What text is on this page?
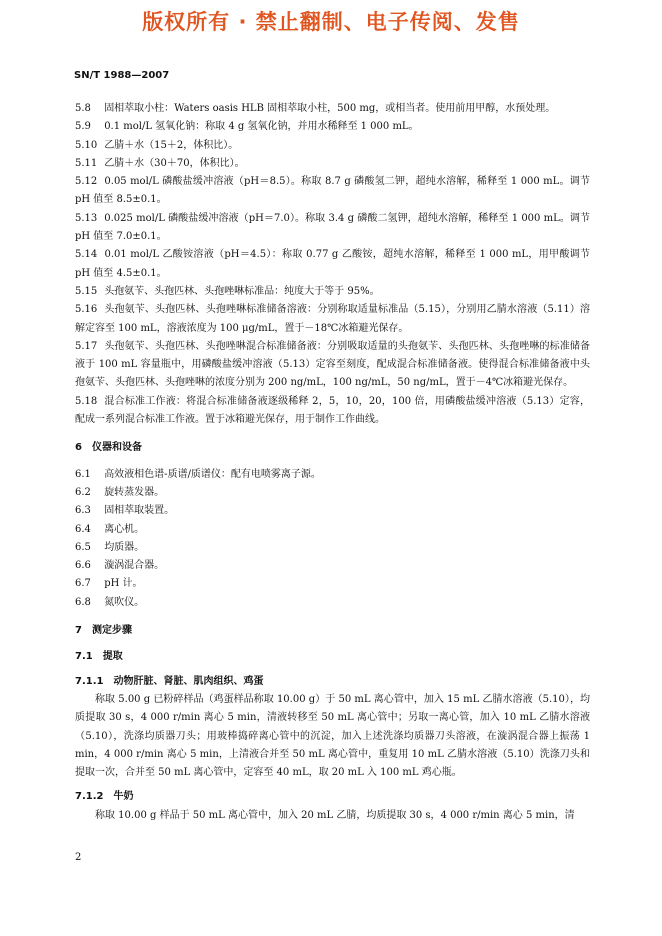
版权所有 · 禁止翻制、电子传阅、发售
SN/T 1988—2007

5.8 固相萃取小柱：Waters oasis HLB 固相萃取小柱，500 mg，或相当者。使用前用甲醇，水预处理。

5.9 0.1 mol/L 氢氧化钠：称取 4 g 氢氧化钠，并用水稀释至 1 000 mL。

5.10 乙腈＋水（15＋2，体积比）。

5.11 乙腈＋水（30＋70，体积比）。

5.12 0.05 mol/L 磷酸盐缓冲溶液（pH＝8.5）。称取 8.7 g 磷酸氢二钾，超纯水溶解，稀释至 1 000 mL。调节 pH 值至 8.5±0.1。

5.13 0.025 mol/L 磷酸盐缓冲溶液（pH＝7.0）。称取 3.4 g 磷酸二氢钾，超纯水溶解，稀释至 1 000 mL。调节 pH 值至 7.0±0.1。

5.14 0.01 mol/L 乙酸铵溶液（pH＝4.5）：称取 0.77 g 乙酸铵，超纯水溶解，稀释至 1 000 mL，用甲酸调节 pH 值至 4.5±0.1。

5.15 头孢氨苄、头孢匹林、头孢唑啉标准品：纯度大于等于 95%。

5.16 头孢氨苄、头孢匹林、头孢唑啉标准储备溶液：分别称取适量标准品（5.15），分别用乙腈水溶液（5.11）溶解定容至 100 mL，溶液浓度为 100 μg/mL，置于－18℃冰箱避光保存。

5.17 头孢氨苄、头孢匹林、头孢唑啉混合标准储备液：分别吸取适量的头孢氨苄、头孢匹林、头孢唑啉的标准储备液于 100 mL 容量瓶中，用磷酸盐缓冲溶液（5.13）定容至刻度，配成混合标准储备液。使得混合标准储备液中头孢氨苄、头孢匹林、头孢唑啉的浓度分别为 200 ng/mL，100 ng/mL，50 ng/mL，置于－4℃冰箱避光保存。

5.18 混合标准工作液：将混合标准储备液逐级稀释 2，5，10，20，100 倍，用磷酸盐缓冲溶液（5.13）定容，配成一系列混合标准工作液。置于冰箱避光保存，用于制作工作曲线。

6　仪器和设备

6.1 高效液相色谱-质谱/质谱仪：配有电喷雾离子源。

6.2 旋转蒸发器。

6.3 固相萃取装置。

6.4 离心机。

6.5 均质器。

6.6 漩涡混合器。

6.7 pH 计。

6.8 氮吹仪。

7　测定步骤
7.1　提取
7.1.1　动物肝脏、肾脏、肌肉组织、鸡蛋

称取 5.00 g 已粉碎样品（鸡蛋样品称取 10.00 g）于 50 mL 离心管中，加入 15 mL 乙腈水溶液（5.10），均质提取 30 s，4 000 r/min 离心 5 min，清液转移至 50 mL 离心管中；另取一离心管，加入 10 mL 乙腈水溶液（5.10），洗涤均质器刀头；用玻棒捣碎离心管中的沉淀，加入上述洗涤均质器刀头溶液，在漩涡混合器上振荡 1 min，4 000 r/min 离心 5 min，上清液合并至 50 mL 离心管中，重复用 10 mL 乙腈水溶液（5.10）洗涤刀头和提取一次，合并至 50 mL 离心管中，定容至 40 mL，取 20 mL 入 100 mL 鸡心瓶。

7.1.2　牛奶

称取 10.00 g 样品于 50 mL 离心管中，加入 20 mL 乙腈，均质提取 30 s，4 000 r/min 离心 5 min，清

2
